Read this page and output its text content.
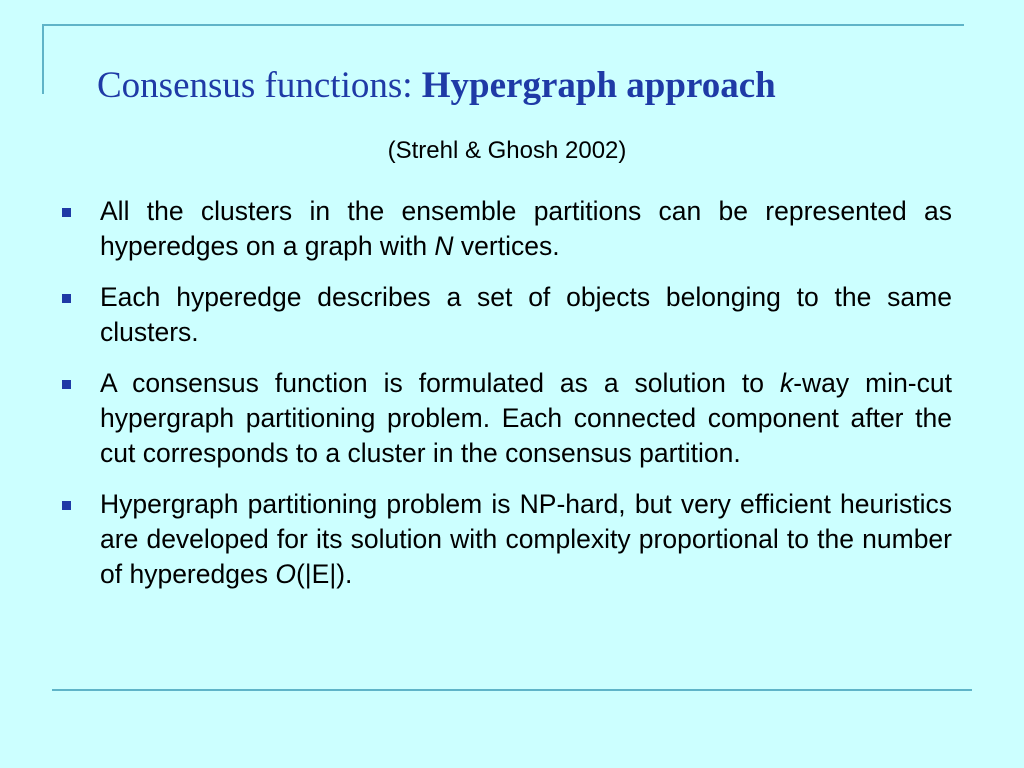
Consensus functions: Hypergraph approach
(Strehl & Ghosh 2002)
All the clusters in the ensemble partitions can be represented as hyperedges on a graph with N vertices.
Each hyperedge describes a set of objects belonging to the same clusters.
A consensus function is formulated as a solution to k-way min-cut hypergraph partitioning problem. Each connected component after the cut corresponds to a cluster in the consensus partition.
Hypergraph partitioning problem is NP-hard, but very efficient heuristics are developed for its solution with complexity proportional to the number of hyperedges O(|E|).
